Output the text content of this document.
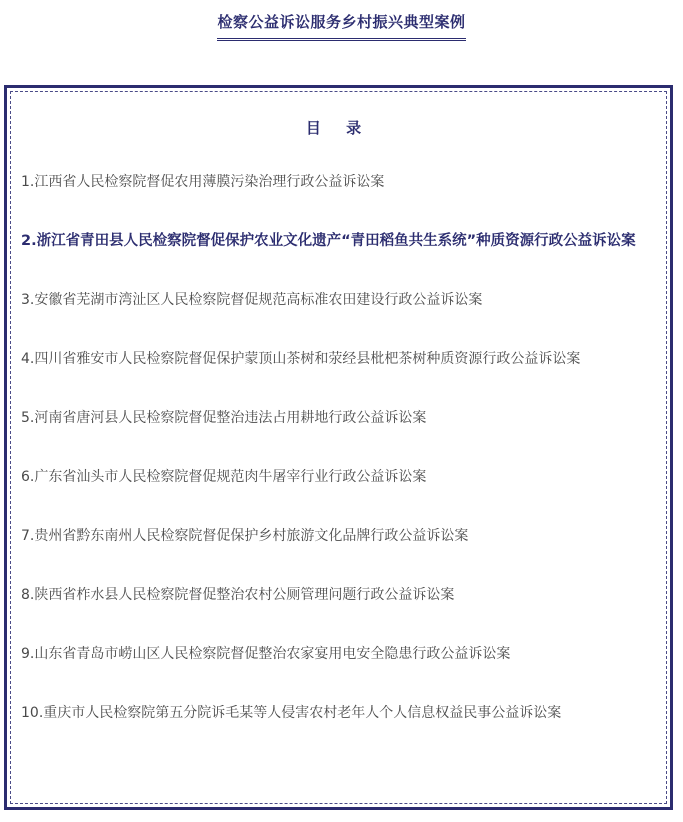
检察公益诉讼服务乡村振兴典型案例
目 录
1.江西省人民检察院督促农用薄膜污染治理行政公益诉讼案
2.浙江省青田县人民检察院督促保护农业文化遗产“青田稻鱼共生系统”种质资源行政公益诉讼案
3.安徽省芜湖市湾沚区人民检察院督促规范高标准农田建设行政公益诉讼案
4.四川省雅安市人民检察院督促保护蒙顶山茶树和荥经县枇杷茶树种质资源行政公益诉讼案
5.河南省唐河县人民检察院督促整治违法占用耕地行政公益诉讼案
6.广东省汕头市人民检察院督促规范肉牛屠宰行业行政公益诉讼案
7.贵州省黔东南州人民检察院督促保护乡村旅游文化品牌行政公益诉讼案
8.陕西省柞水县人民检察院督促整治农村公厕管理问题行政公益诉讼案
9.山东省青岛市崂山区人民检察院督促整治农家宴用电安全隐患行政公益诉讼案
10.重庆市人民检察院第五分院诉毛某等人侵害农村老年人个人信息权益民事公益诉讼案
